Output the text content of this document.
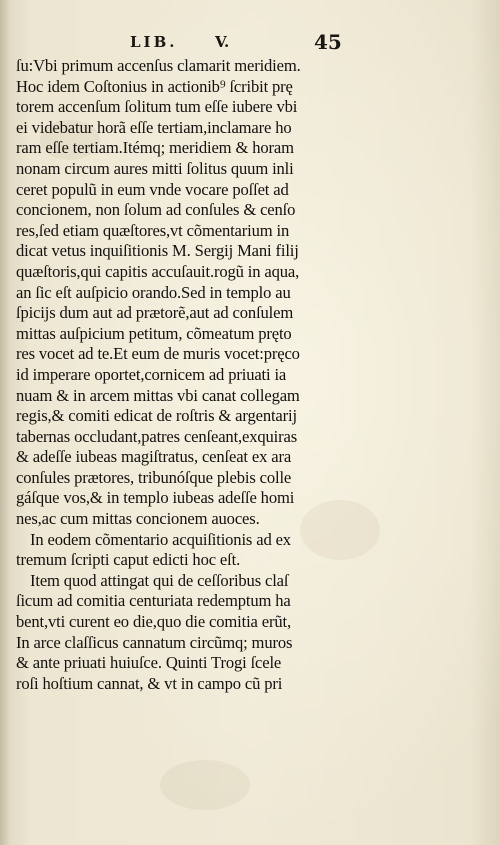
LIB.	V.	45
ſu:Vbi primum accenſus clamarit meridiem.
Hoc idem Coſtonius in actionib⁹ ſcribit prę
torem accenſum ſolitum tum eſſe iubere vbi
ei videbatur horã eſſe tertiam,inclamare ho
ram eſſe tertiam.Itémq; meridiem & horam
nonam circum aures mitti ſolitus quum inli
ceret populũ in eum vnde vocare poſſet ad
concionem, non ſolum ad conſules & cenſo
res,ſed etiam quæſtores,vt cõmentarium in
dicat vetus inquiſitionis M. Sergij Mani filij
quæſtoris,qui capitis accuſauit.rogũ in aqua,
an ſic eſt auſpicio orando.Sed in templo au
ſpicijs dum aut ad prætorẽ,aut ad conſulem
mittas auſpicium petitum, cõmeatum prętο
res vocet ad te.Et eum de muris vocet:pręco
id imperare oportet,cornicem ad priuati ia
nuam & in arcem mittas vbi canat collegam
regis,& comiti edicat de roſtris & argentarij
tabernas occludant,patres cenſeant,exquiras
& adeſſe iubeas magiſtratus, cenſeat ex ara
conſules prætores, tribunóſque plebis colle
gáſque vos,& in templo iubeas adeſſe homi
nes,ac cum mittas concionem auoces.
In eodem cõmentario acquiſitionis ad ex
tremum ſcripti caput edicti hoc eſt.
Item quod attingat qui de ceſſoribus claſ
ſicum ad comitia centuriata redemptum ha
bent,vti curent eo die,quo die comitia erũt,
In arce claſſicus cannatum circũmq; muros
& ante priuati huiuſce. Quinti Trogi ſcele
roſi hoſtium cannat, & vt in campo cũ pri
